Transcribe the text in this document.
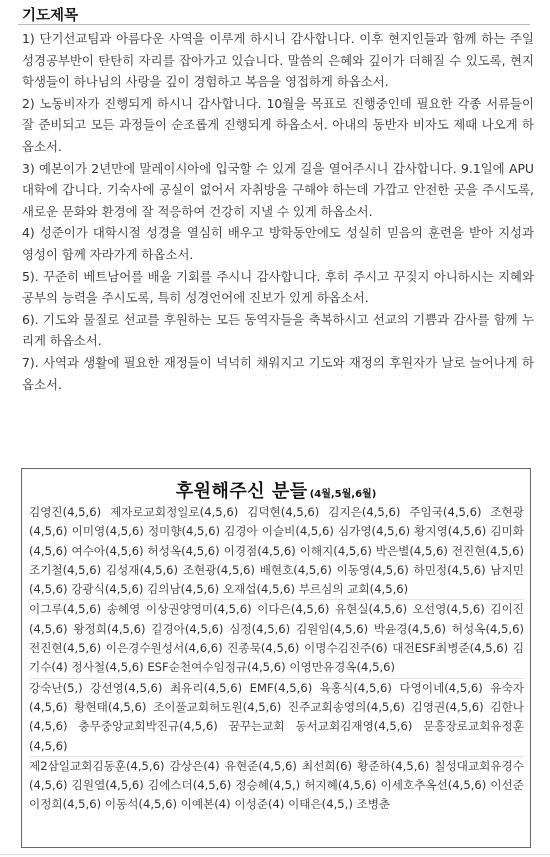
기도제목

1) 단기선교팀과 아름다운 사역을 이루게 하시니 감사합니다. 이후 현지인들과 함께 하는 주일 성경공부반이 탄탄히 자리를 잡아가고 있습니다. 말씀의 은혜와 깊이가 더해질 수 있도록, 현지 학생들이 하나님의 사랑을 깊이 경험하고 복음을 영접하게 하옵소서.

2) 노동비자가 진행되게 하시니 감사합니다. 10월을 목표로 진행중인데 필요한 각종 서류들이 잘 준비되고 모든 과정들이 순조롭게 진행되게 하옵소서. 아내의 동반자 비자도 제때 나오게 하옵소서.

3) 예본이가 2년만에 말레이시아에 입국할 수 있게 길을 열어주시니 감사합니다. 9.1일에 APU대학에 갑니다. 기숙사에 공실이 없어서 자취방을 구해야 하는데 가깝고 안전한 곳을 주시도록, 새로운 문화와 환경에 잘 적응하여 건강히 지낼 수 있게 하옵소서.

4) 성준이가 대학시절 성경을 열심히 배우고 방학동안에도 성실히 믿음의 훈련을 받아 지성과 영성이 함께 자라가게 하옵소서.

5). 꾸준히 베트남어를 배울 기회를 주시니 감사합니다. 후히 주시고 꾸짖지 아니하시는 지혜와 공부의 능력을 주시도록, 특히 성경언어에 진보가 있게 하옵소서.

6). 기도와 물질로 선교를 후원하는 모든 동역자들을 축복하시고 선교의 기쁨과 감사를 함께 누리게 하옵소서.

7). 사역과 생활에 필요한 재정들이 넉넉히 채워지고 기도와 재정의 후원자가 날로 늘어나게 하옵소서.

후원해주신 분들 (4월,5월,6월)

김영진(4,5,6) 제자로교회정일로(4,5,6) 김덕현(4,5,6) 김지은(4,5,6) 주임국(4,5,6) 조현광(4,5,6) 이미영(4,5,6) 정미향(4,5,6) 김경아 이슬비(4,5,6) 심가영(4,5,6) 황지영(4,5,6) 김미화(4,5,6) 여수아(4,5,6) 허성옥(4,5,6) 이경점(4,5,6) 이해지(4,5,6) 박은별(4,5,6) 전진현(4,5,6) 조기철(4,5,6) 김성재(4,5,6) 조현광(4,5,6) 배현호(4,5,6) 이동영(4,5,6) 하민정(4,5,6) 남지민(4,5,6) 강광식(4,5,6) 김의남(4,5,6) 오재섭(4,5,6) 부르심의 교회(4,5,6)

이그루(4,5,6) 송혜영 이상권양영미(4,5,6) 이다은(4,5,6) 유현실(4,5,6) 오선영(4,5,6) 김이진(4,5,6) 왕정희(4,5,6) 길경아(4,5,6) 심정(4,5,6) 김원임(4,5,6) 박윤경(4,5,6) 허성옥(4,5,6) 전진현(4,5,6) 이은경수원성서(4,6,6) 진종묵(4,5,6) 이명수김진주(6) 대전ESF최병준(4,5,6) 김기수(4) 정사철(4,5,6) ESF순천여수임정규(4,5,6) 이영만유경옥(4,5,6)

강숙난(5,) 강선영(4,5,6) 최유리(4,5,6) EMF(4,5,6) 육홍식(4,5,6) 다영이네(4,5,6) 유숙자(4,5,6) 황현태(4,5,6) 조이풀교회허도원(4,5,6) 진주교회송영의(4,5,6) 김영권(4,5,6) 김한나(4,5,6) 충무중앙교회박진규(4,5,6) 꿈꾸는교회 동서교회김재영(4,5,6) 문흥장로교회유정훈(4,5,6)

제2삼일교회김동훈(4,5,6) 감상은(4) 유현준(4,5,6) 최선희(6) 황준하(4,5,6) 칠성대교회유경수(4,5,6) 김원열(4,5,6) 김에스더(4,5,6) 정승혜(4,5,) 허지혜(4,5,6) 이세호추옥선(4,5,6) 이선준이정희(4,5,6) 이동석(4,5,6) 이예본(4) 이성준(4) 이태은(4,5,) 조병춘
